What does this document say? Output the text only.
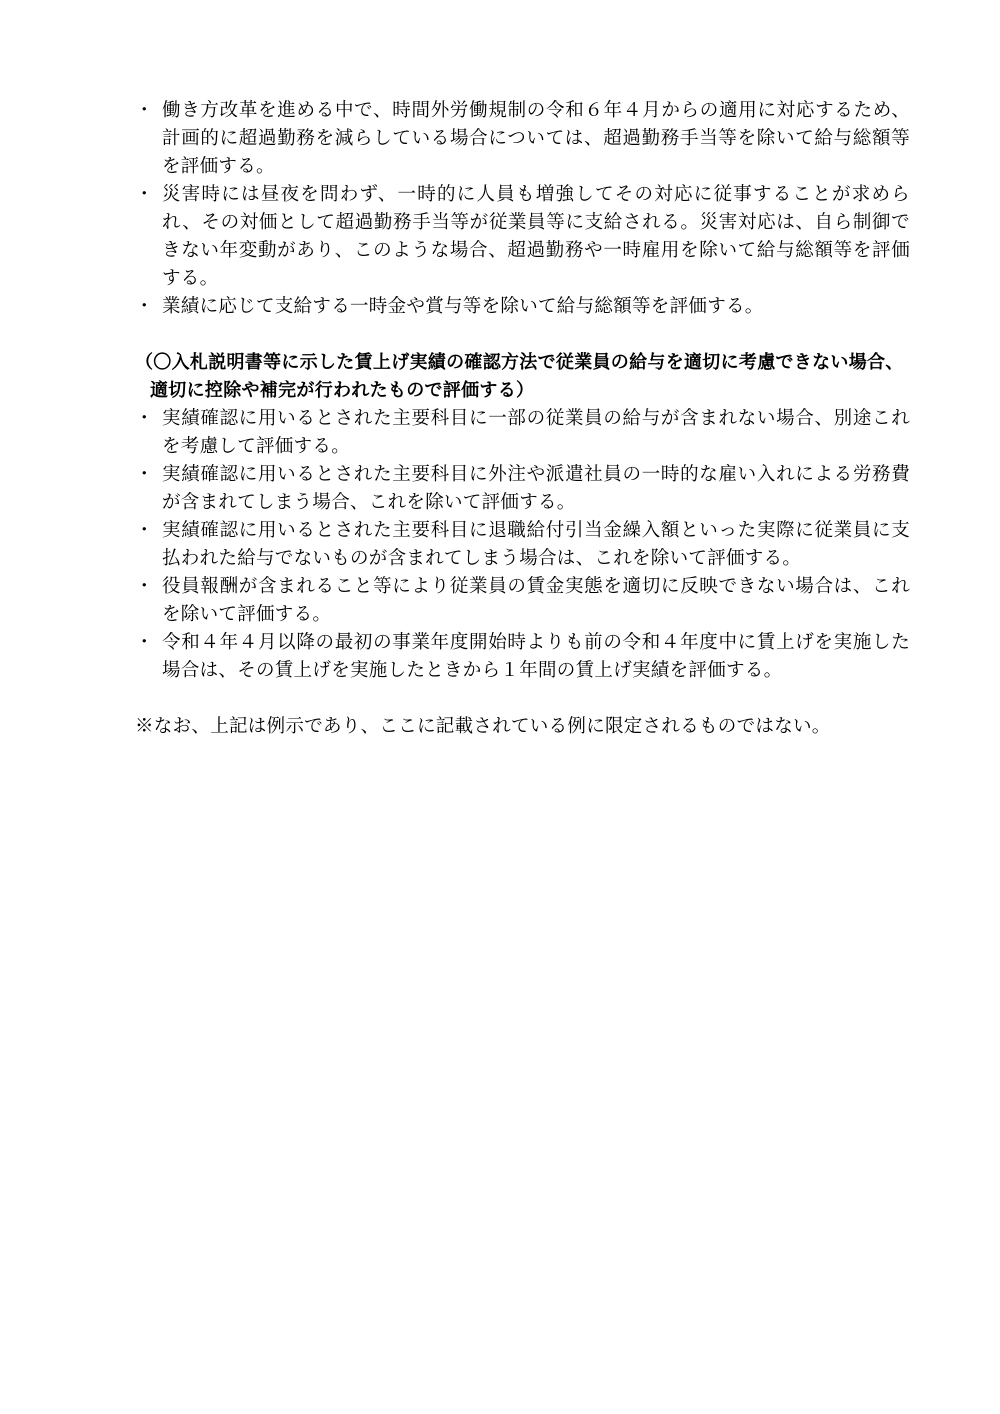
・ 働き方改革を進める中で、時間外労働規制の令和６年４月からの適用に対応するため、計画的に超過勤務を減らしている場合については、超過勤務手当等を除いて給与総額等を評価する。
・ 災害時には昼夜を問わず、一時的に人員も増強してその対応に従事することが求められ、その対価として超過勤務手当等が従業員等に支給される。災害対応は、自ら制御できない年変動があり、このような場合、超過勤務や一時雇用を除いて給与総額等を評価する。
・ 業績に応じて支給する一時金や賞与等を除いて給与総額等を評価する。
（〇入札説明書等に示した賃上げ実績の確認方法で従業員の給与を適切に考慮できない場合、適切に控除や補完が行われたもので評価する）
・ 実績確認に用いるとされた主要科目に一部の従業員の給与が含まれない場合、別途これを考慮して評価する。
・ 実績確認に用いるとされた主要科目に外注や派遣社員の一時的な雇い入れによる労務費が含まれてしまう場合、これを除いて評価する。
・ 実績確認に用いるとされた主要科目に退職給付引当金繰入額といった実際に従業員に支払われた給与でないものが含まれてしまう場合は、これを除いて評価する。
・ 役員報酬が含まれること等により従業員の賃金実態を適切に反映できない場合は、これを除いて評価する。
・ 令和４年４月以降の最初の事業年度開始時よりも前の令和４年度中に賃上げを実施した場合は、その賃上げを実施したときから１年間の賃上げ実績を評価する。
※なお、上記は例示であり、ここに記載されている例に限定されるものではない。
